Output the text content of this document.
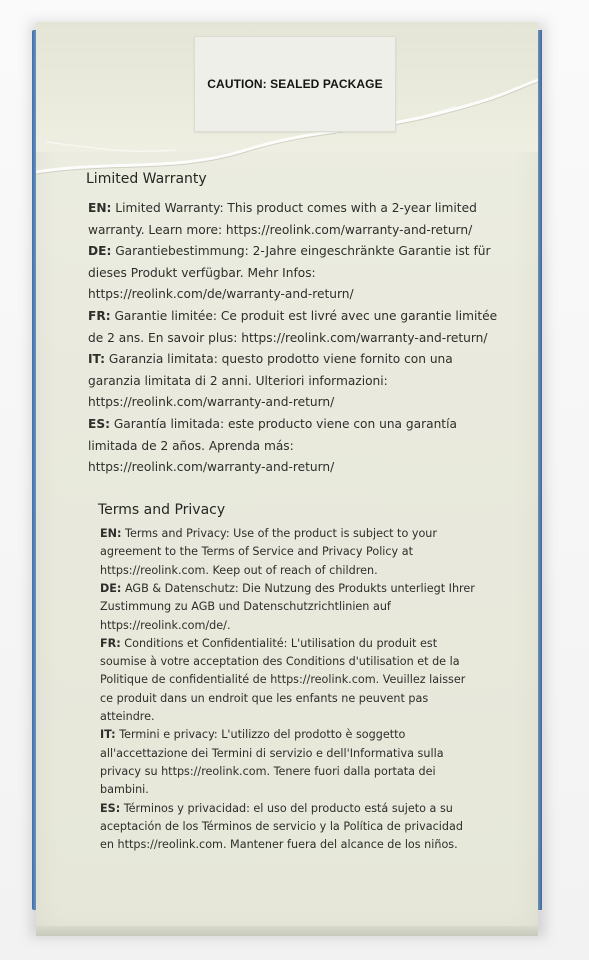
CAUTION: SEALED PACKAGE
Limited Warranty
EN: Limited Warranty: This product comes with a 2-year limited
warranty. Learn more: https://reolink.com/warranty-and-return/
DE: Garantiebestimmung: 2-Jahre eingeschränkte Garantie ist für
dieses Produkt verfügbar. Mehr Infos:
https://reolink.com/de/warranty-and-return/
FR: Garantie limitée: Ce produit est livré avec une garantie limitée
de 2 ans. En savoir plus: https://reolink.com/warranty-and-return/
IT: Garanzia limitata: questo prodotto viene fornito con una
garanzia limitata di 2 anni. Ulteriori informazioni:
https://reolink.com/warranty-and-return/
ES: Garantía limitada: este producto viene con una garantía
limitada de 2 años. Aprenda más:
https://reolink.com/warranty-and-return/
Terms and Privacy
EN: Terms and Privacy: Use of the product is subject to your
agreement to the Terms of Service and Privacy Policy at
https://reolink.com. Keep out of reach of children.
DE: AGB & Datenschutz: Die Nutzung des Produkts unterliegt Ihrer
Zustimmung zu AGB und Datenschutzrichtlinien auf
https://reolink.com/de/.
FR: Conditions et Confidentialité: L'utilisation du produit est
soumise à votre acceptation des Conditions d'utilisation et de la
Politique de confidentialité de https://reolink.com. Veuillez laisser
ce produit dans un endroit que les enfants ne peuvent pas
atteindre.
IT: Termini e privacy: L'utilizzo del prodotto è soggetto
all'accettazione dei Termini di servizio e dell'Informativa sulla
privacy su https://reolink.com. Tenere fuori dalla portata dei
bambini.
ES: Términos y privacidad: el uso del producto está sujeto a su
aceptación de los Términos de servicio y la Política de privacidad
en https://reolink.com. Mantener fuera del alcance de los niños.
